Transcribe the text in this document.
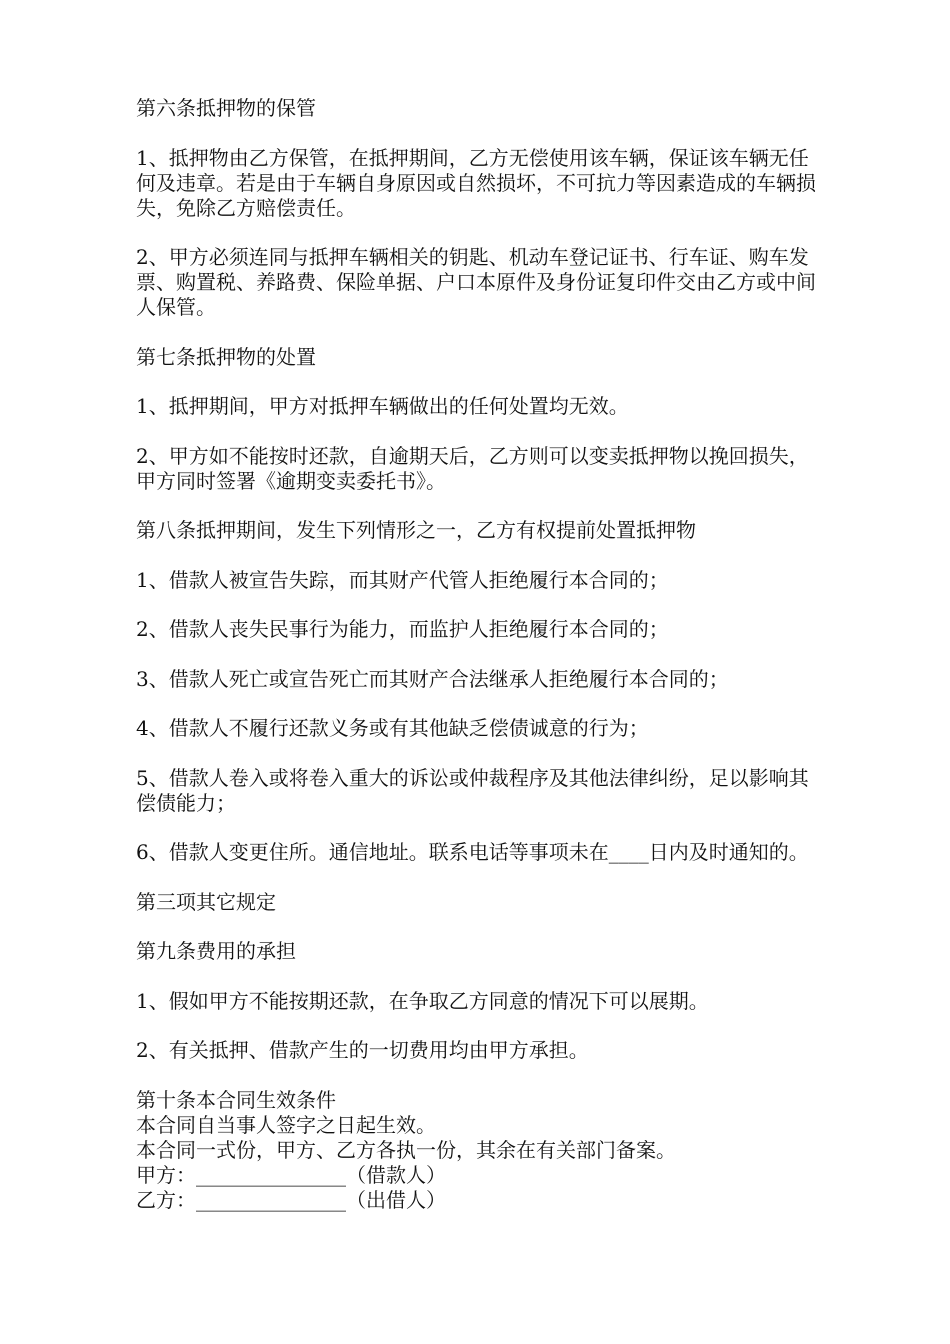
第六条抵押物的保管

1、抵押物由乙方保管，在抵押期间，乙方无偿使用该车辆，保证该车辆无任何及违章。若是由于车辆自身原因或自然损坏，不可抗力等因素造成的车辆损失，免除乙方赔偿责任。

2、甲方必须连同与抵押车辆相关的钥匙、机动车登记证书、行车证、购车发票、购置税、养路费、保险单据、户口本原件及身份证复印件交由乙方或中间人保管。

第七条抵押物的处置

1、抵押期间，甲方对抵押车辆做出的任何处置均无效。

2、甲方如不能按时还款，自逾期天后，乙方则可以变卖抵押物以挽回损失，甲方同时签署《逾期变卖委托书》。

第八条抵押期间，发生下列情形之一，乙方有权提前处置抵押物

1、借款人被宣告失踪，而其财产代管人拒绝履行本合同的；

2、借款人丧失民事行为能力，而监护人拒绝履行本合同的；

3、借款人死亡或宣告死亡而其财产合法继承人拒绝履行本合同的；

4、借款人不履行还款义务或有其他缺乏偿债诚意的行为；

5、借款人卷入或将卷入重大的诉讼或仲裁程序及其他法律纠纷，足以影响其偿债能力；

6、借款人变更住所。通信地址。联系电话等事项未在____日内及时通知的。

第三项其它规定

第九条费用的承担

1、假如甲方不能按期还款，在争取乙方同意的情况下可以展期。

2、有关抵押、借款产生的一切费用均由甲方承担。

第十条本合同生效条件

本合同自当事人签字之日起生效。

本合同一式份，甲方、乙方各执一份，其余在有关部门备案。

甲方：_______________（借款人）

乙方：_______________（出借人）
